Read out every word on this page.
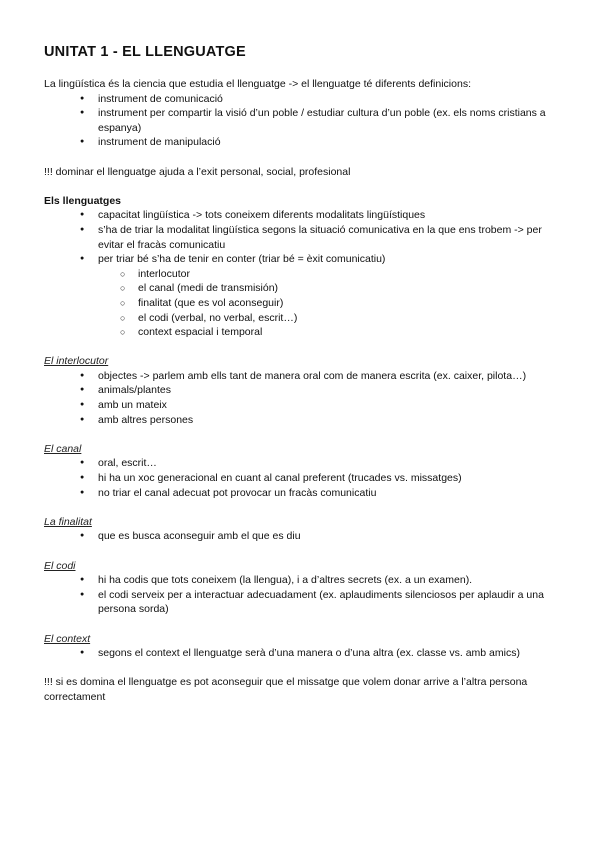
UNITAT 1 - EL LLENGUATGE

La lingüística és la ciencia que estudia el llenguatge -> el llenguatge té diferents definicions:

● instrument de comunicació
● instrument per compartir la visió d’un poble / estudiar cultura d’un poble (ex. els noms cristians a espanya)
● instrument de manipulació

!!! dominar el llenguatge ajuda a l’exit personal, social, profesional

Els llenguatges

● capacitat lingüística -> tots coneixem diferents modalitats lingüístiques
● s’ha de triar la modalitat lingüística segons la situació comunicativa en la que ens trobem -> per evitar el fracàs comunicatiu
● per triar bé s’ha de tenir en conter (triar bé = èxit comunicatiu)
○ interlocutor
○ el canal (medi de transmisión)
○ finalitat (que es vol aconseguir)
○ el codi (verbal, no verbal, escrit…)
○ context espacial i temporal

El interlocutor

● objectes -> parlem amb ells tant de manera oral com de manera escrita (ex. caixer, pilota…)
● animals/plantes
● amb un mateix
● amb altres persones

El canal

● oral, escrit…
● hi ha un xoc generacional en cuant al canal preferent (trucades vs. missatges)
● no triar el canal adecuat pot provocar un fracàs comunicatiu

La finalitat

● que es busca aconseguir amb el que es diu

El codi

● hi ha codis que tots coneixem (la llengua), i a d’altres secrets (ex. a un examen).
● el codi serveix per a interactuar adecuadament (ex. aplaudiments silenciosos per aplaudir a una persona sorda)

El context

● segons el context el llenguatge serà d’una manera o d’una altra (ex. classe vs. amb amics)

!!! si es domina el llenguatge es pot aconseguir que el missatge que volem donar arrive a l’altra persona correctament
